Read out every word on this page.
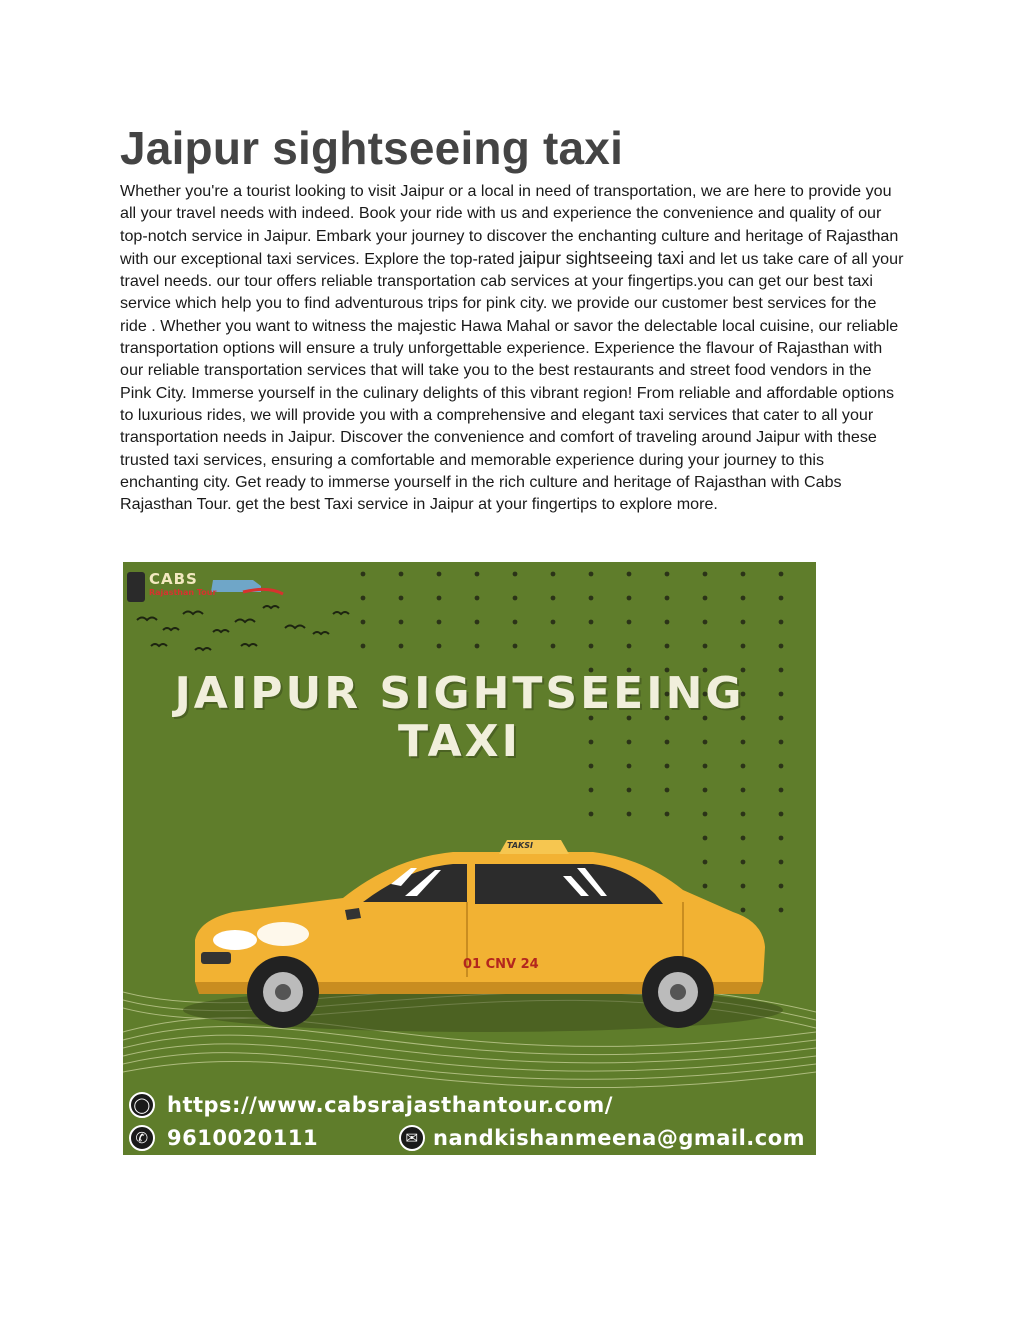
Jaipur sightseeing taxi

Whether you're a tourist looking to visit Jaipur or a local in need of transportation, we are here to provide you all your travel needs with indeed. Book your ride with us and experience the convenience and quality of our top-notch service in Jaipur. Embark your journey to discover the enchanting culture and heritage of Rajasthan with our exceptional taxi services. Explore the top-rated jaipur sightseeing taxi and let us take care of all your travel needs. our tour offers reliable transportation cab services at your fingertips.you can get our best taxi service which help you to find adventurous trips for pink city. we provide our customer best services for the ride . Whether you want to witness the majestic Hawa Mahal or savor the delectable local cuisine, our reliable transportation options will ensure a truly unforgettable experience. Experience the flavour of Rajasthan with our reliable transportation services that will take you to the best restaurants and street food vendors in the Pink City. Immerse yourself in the culinary delights of this vibrant region! From reliable and affordable options to luxurious rides, we will provide you with a comprehensive and elegant taxi services that cater to all your transportation needs in Jaipur. Discover the convenience and comfort of traveling around Jaipur with these trusted taxi services, ensuring a comfortable and memorable experience during your journey to this enchanting city. Get ready to immerse yourself in the rich culture and heritage of Rajasthan with Cabs Rajasthan Tour. get the best Taxi service in Jaipur at your fingertips to explore more.

CABS
Rajasthan Tour
JAIPUR SIGHTSEEING
TAXI
TAKSI
01 CNV 24
◯ https://www.cabsrajasthantour.com/
✆ 9610020111	✉ nandkishanmeena@gmail.com
